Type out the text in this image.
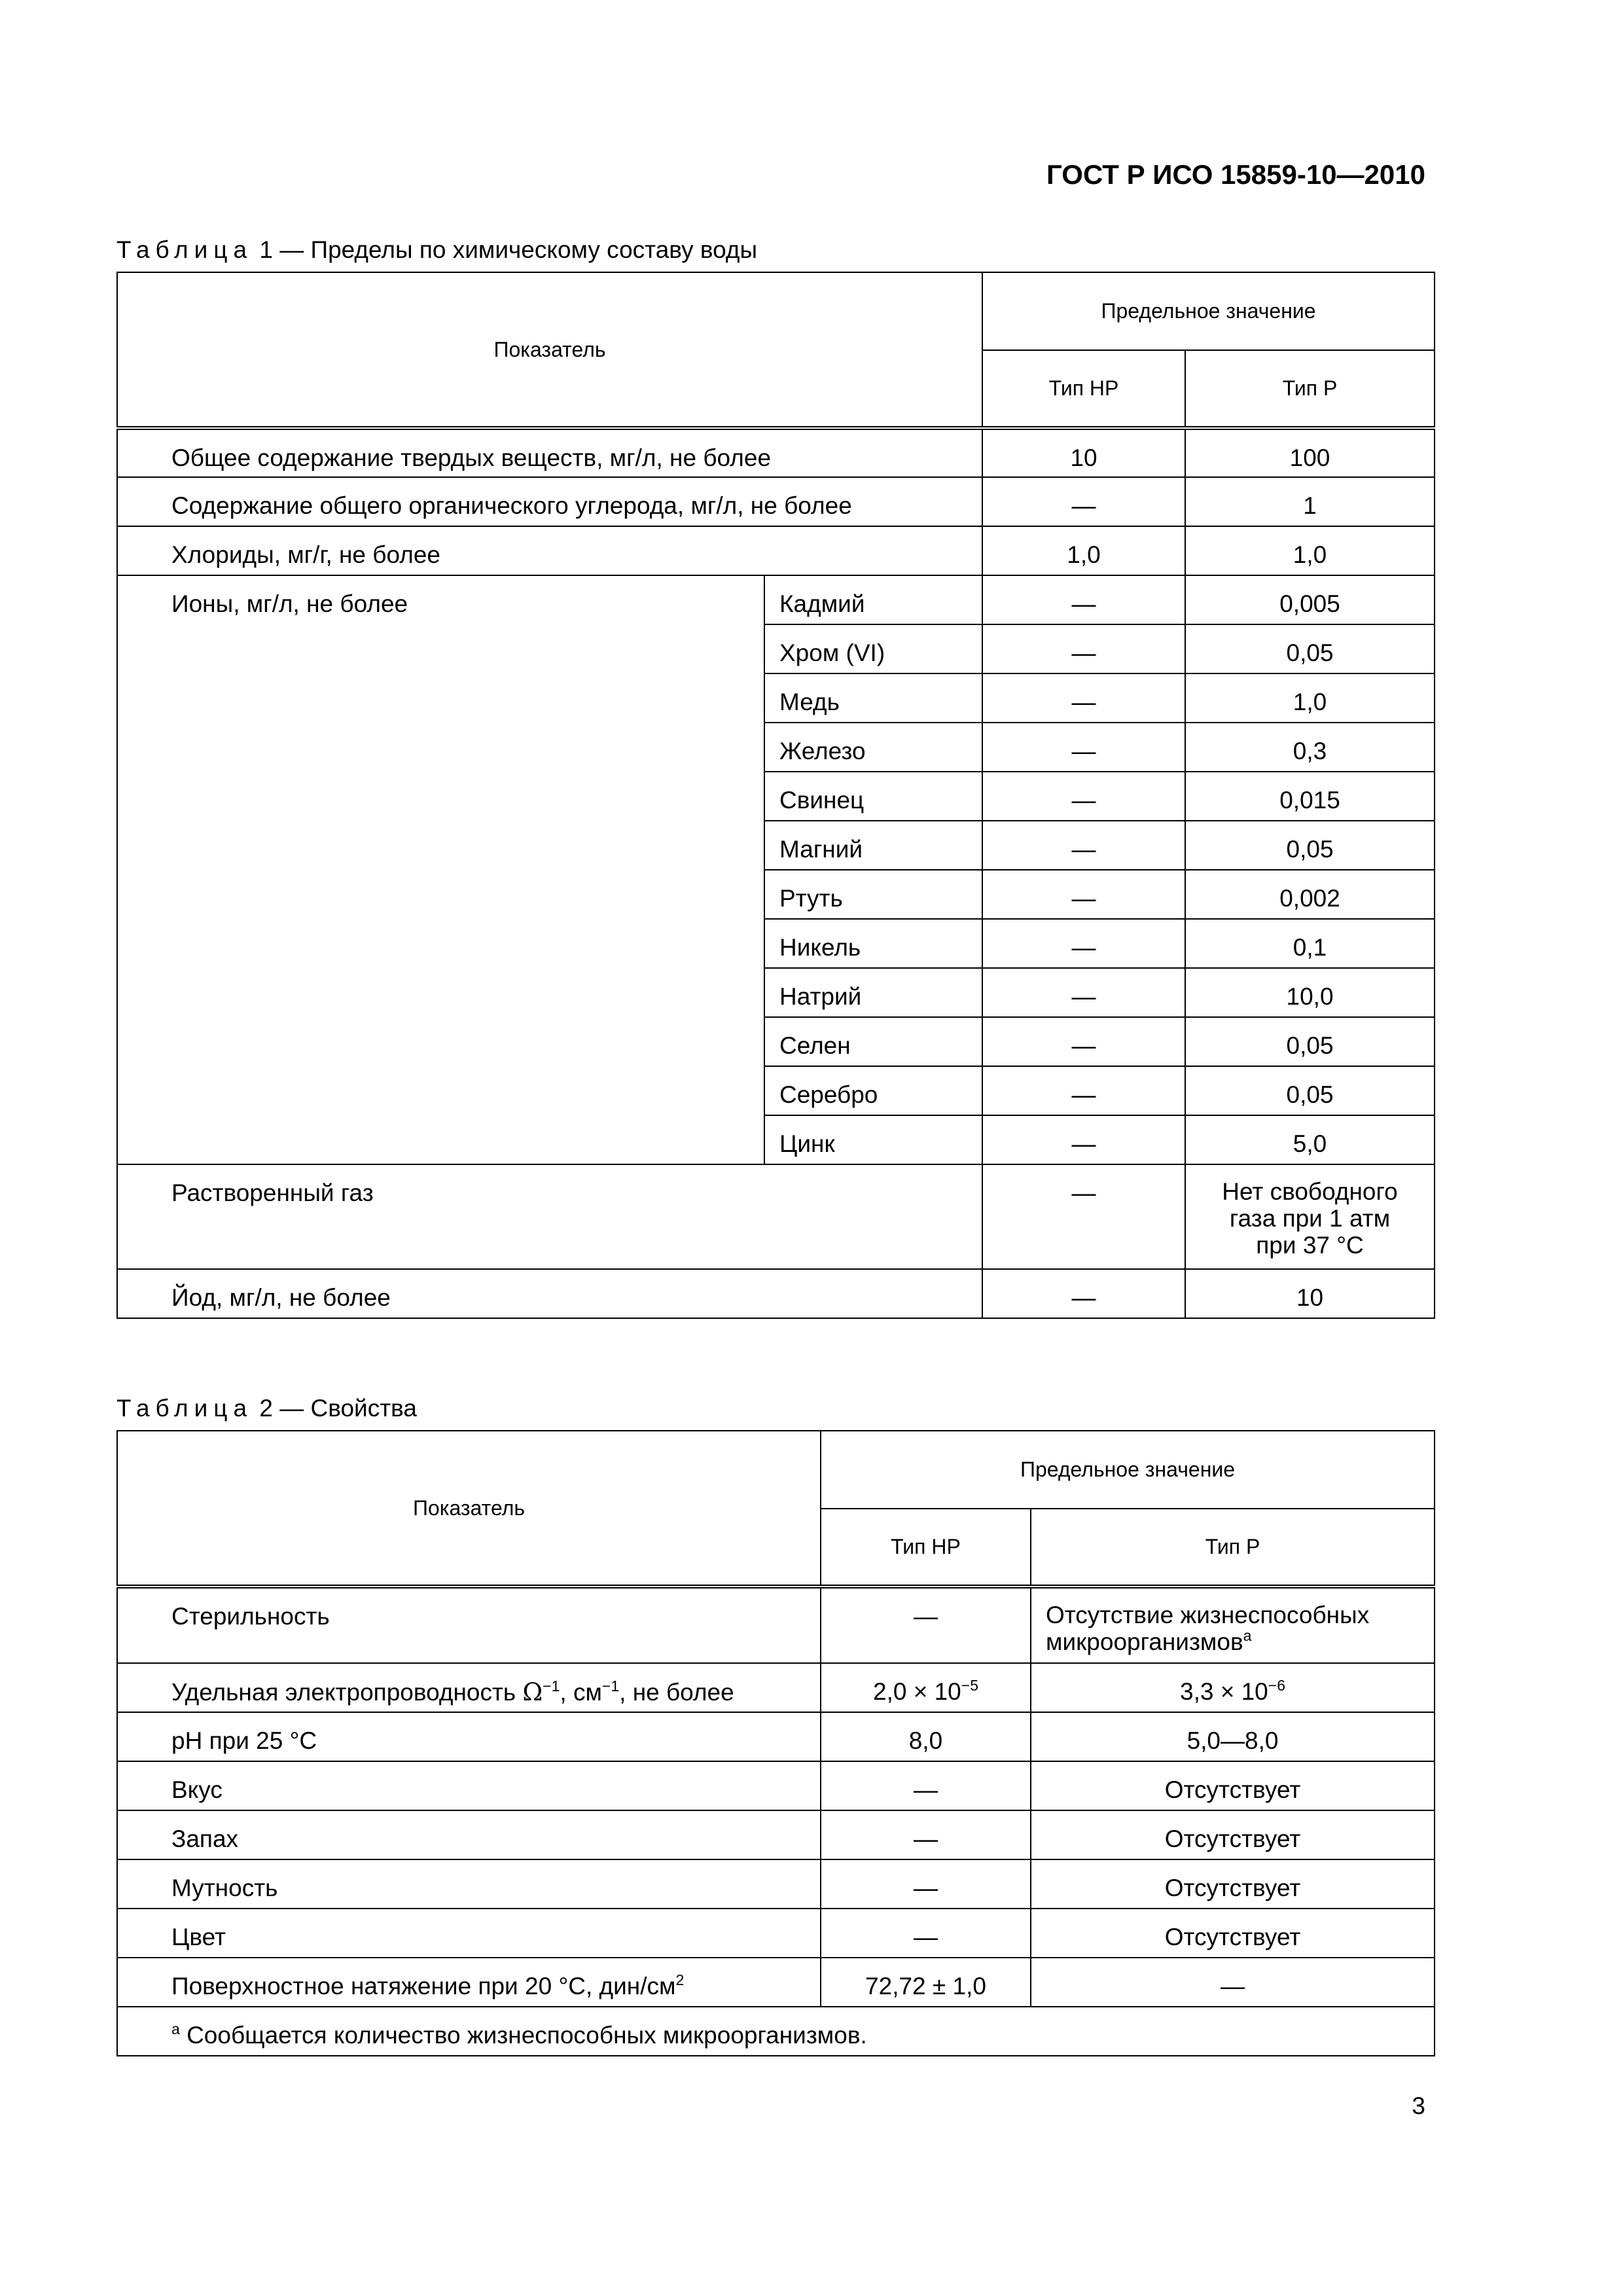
ГОСТ Р ИСО 15859-10—2010
Таблица 1 — Пределы по химическому составу воды
Показатель		Предельное значение	
		Тип НР	Тип Р
Общее содержание твердых веществ, мг/л, не более		10	100
Содержание общего органического углерода, мг/л, не более		—	1
Хлориды, мг/г, не более		1,0	1,0
Ионы, мг/л, не более	Кадмий	—	0,005
	Хром (VI)	—	0,05
	Медь	—	1,0
	Железо	—	0,3
	Свинец	—	0,015
	Магний	—	0,05
	Ртуть	—	0,002
	Никель	—	0,1
	Натрий	—	10,0
	Селен	—	0,05
	Серебро	—	0,05
	Цинк	—	5,0
Растворенный газ		—	Нет свободного
газа при 1 атм
при 37 °С

Йод, мг/л, не более		—	10
Таблица 2 — Свойства
Показатель	Предельное значение	
	Тип НР	Тип Р
Стерильность	—	Отсутствие жизнеспособных
микроорганизмов$^а$

Удельная электропроводность $\Omega^{-1}$, $см^{-1}$, не более	$2,0 \times 10^{-5}$	$3,3 \times 10^{-6}$
рН при 25 °С	8,0	5,0—8,0
Вкус	—	Отсутствует
Запах	—	Отсутствует
Мутность	—	Отсутствует
Цвет	—	Отсутствует
Поверхностное натяжение при 20 °С, дин/$см^2$	72,72 ± 1,0	—
$^а$ Сообщается количество жизнеспособных микроорганизмов.		
3
